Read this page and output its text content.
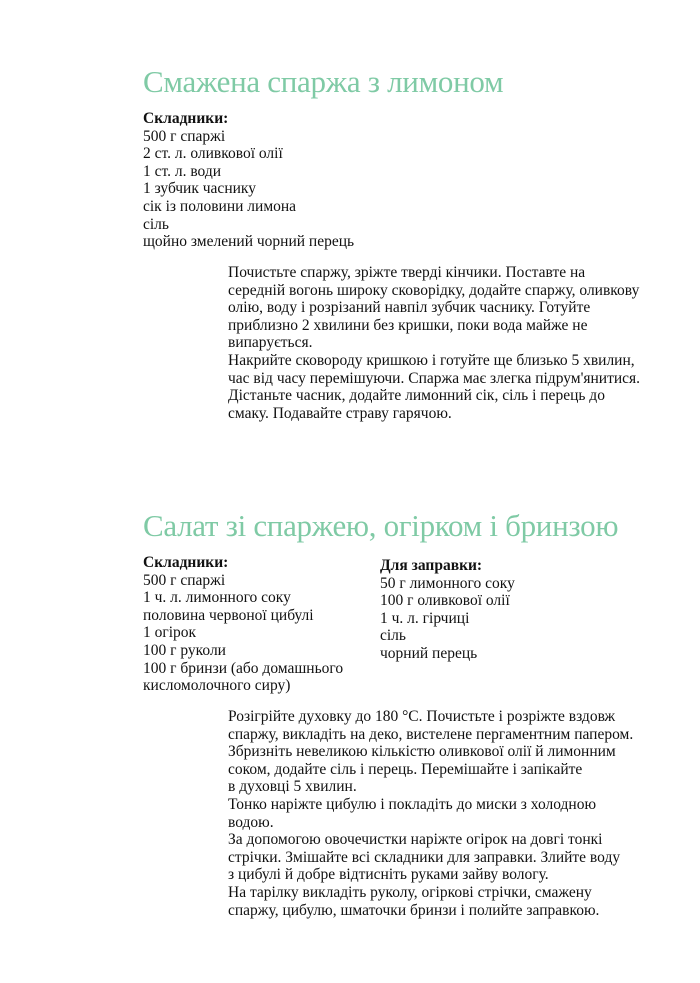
Смажена спаржа з лимоном
Складники:
500 г спаржі
2 ст. л. оливкової олії
1 ст. л. води
1 зубчик часнику
сік із половини лимона
сіль
щойно змелений чорний перець
Почистьте спаржу, зріжте тверді кінчики. Поставте на
середній вогонь широку сковорідку, додайте спаржу, оливкову
олію, воду і розрізаний навпіл зубчик часнику. Готуйте
приблизно 2 хвилини без кришки, поки вода майже не
випарується.
Накрийте сковороду кришкою і готуйте ще близько 5 хвилин,
час від часу перемішуючи. Спаржа має злегка підрум'янитися.
Дістаньте часник, додайте лимонний сік, сіль і перець до
смаку. Подавайте страву гарячою.
Салат зі спаржею, огірком і бринзою
Складники:
500 г спаржі
1 ч. л. лимонного соку
половина червоної цибулі
1 огірок
100 г руколи
100 г бринзи (або домашнього
кисломолочного сиру)
Для заправки:
50 г лимонного соку
100 г оливкової олії
1 ч. л. гірчиці
сіль
чорний перець
Розігрійте духовку до 180 °С. Почистьте і розріжте вздовж
спаржу, викладіть на деко, вистелене пергаментним папером.
Збризніть невеликою кількістю оливкової олії й лимонним
соком, додайте сіль і перець. Перемішайте і запікайте
в духовці 5 хвилин.
Тонко наріжте цибулю і покладіть до миски з холодною
водою.
За допомогою овочечистки наріжте огірок на довгі тонкі
стрічки. Змішайте всі складники для заправки. Злийте воду
з цибулі й добре відтисніть руками зайву вологу.
На тарілку викладіть руколу, огіркові стрічки, смажену
спаржу, цибулю, шматочки бринзи і полийте заправкою.
